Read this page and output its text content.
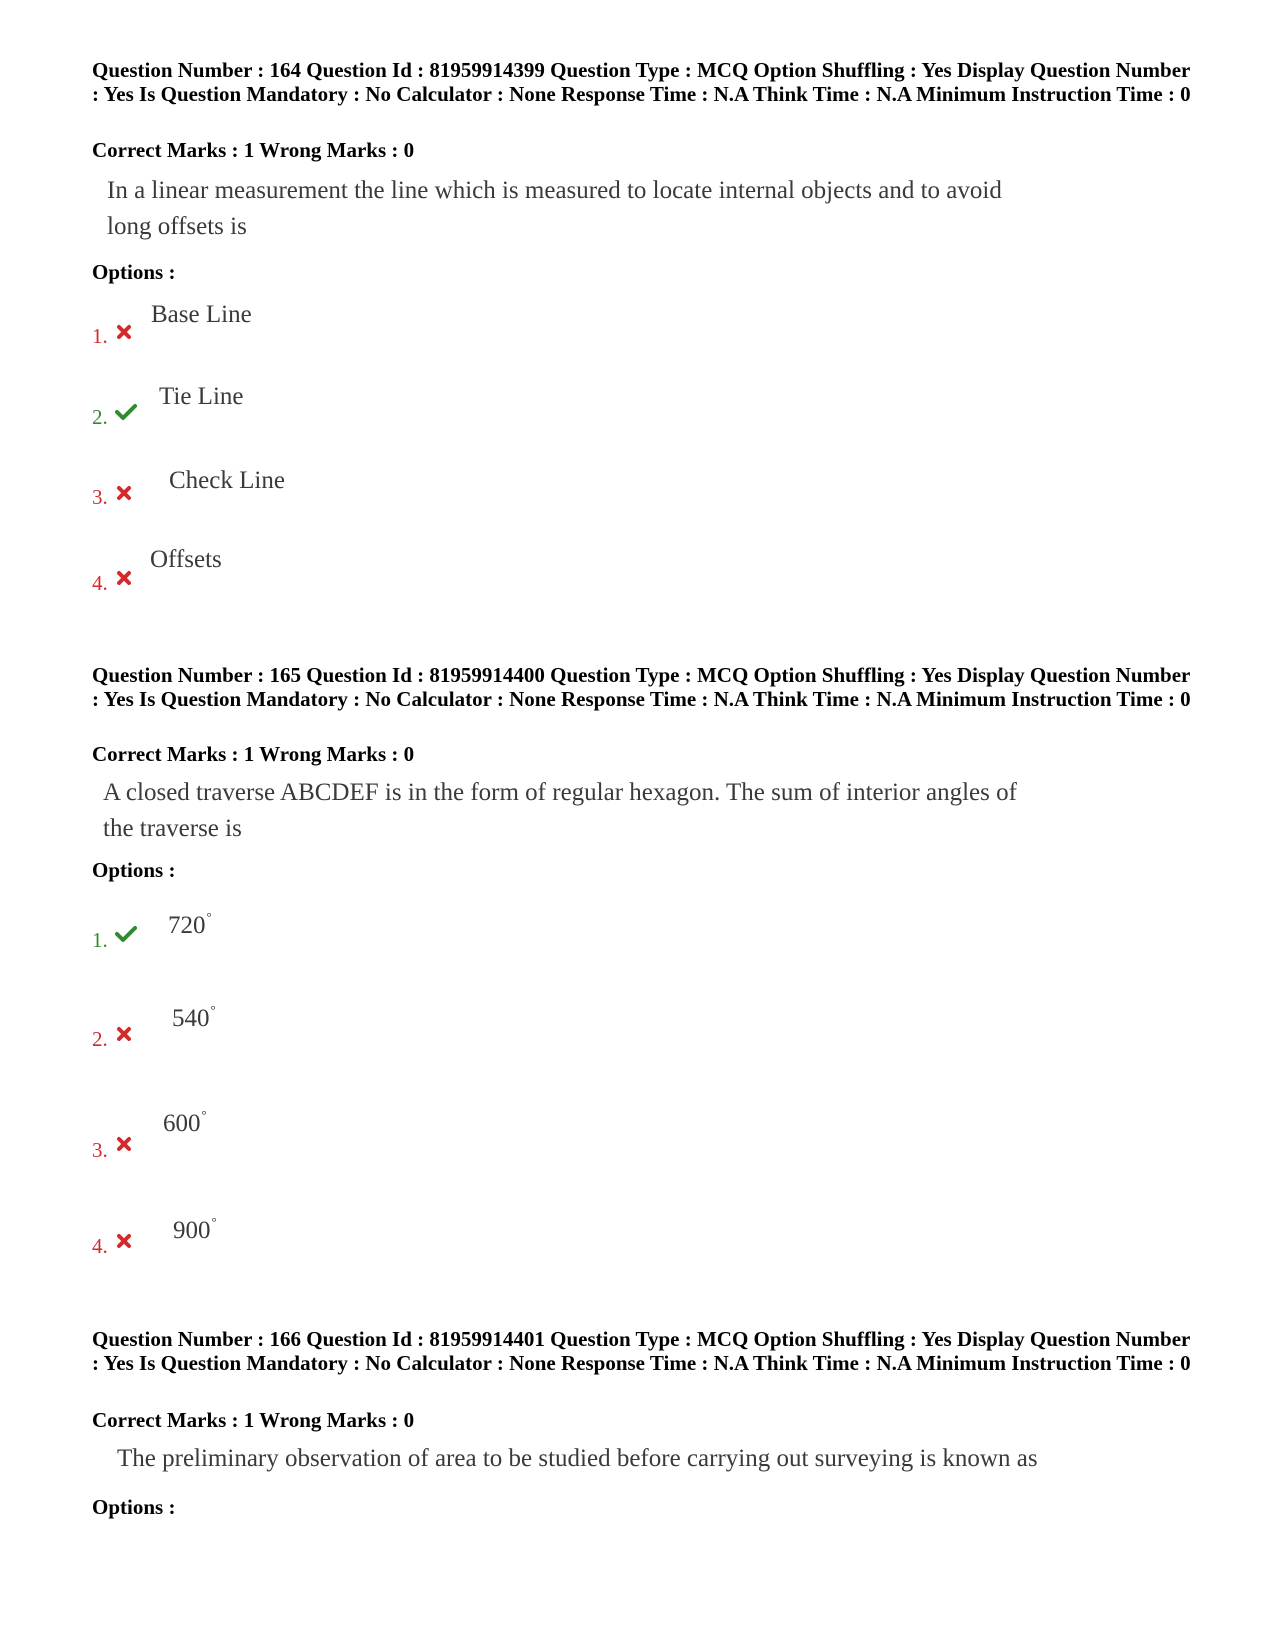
Question Number : 164 Question Id : 81959914399 Question Type : MCQ Option Shuffling : Yes Display Question Number : Yes Is Question Mandatory : No Calculator : None Response Time : N.A Think Time : N.A Minimum Instruction Time : 0
Correct Marks : 1 Wrong Marks : 0
In a linear measurement the line which is measured to locate internal objects and to avoid long offsets is
Options :
1.
Base Line
2.
Tie Line
3.
Check Line
4.
Offsets
Question Number : 165 Question Id : 81959914400 Question Type : MCQ Option Shuffling : Yes Display Question Number : Yes Is Question Mandatory : No Calculator : None Response Time : N.A Think Time : N.A Minimum Instruction Time : 0
Correct Marks : 1 Wrong Marks : 0
A closed traverse ABCDEF is in the form of regular hexagon. The sum of interior angles of the traverse is
Options :
1.
720°
2.
540°
3.
600°
4.
900°
Question Number : 166 Question Id : 81959914401 Question Type : MCQ Option Shuffling : Yes Display Question Number : Yes Is Question Mandatory : No Calculator : None Response Time : N.A Think Time : N.A Minimum Instruction Time : 0
Correct Marks : 1 Wrong Marks : 0
The preliminary observation of area to be studied before carrying out surveying is known as
Options :
